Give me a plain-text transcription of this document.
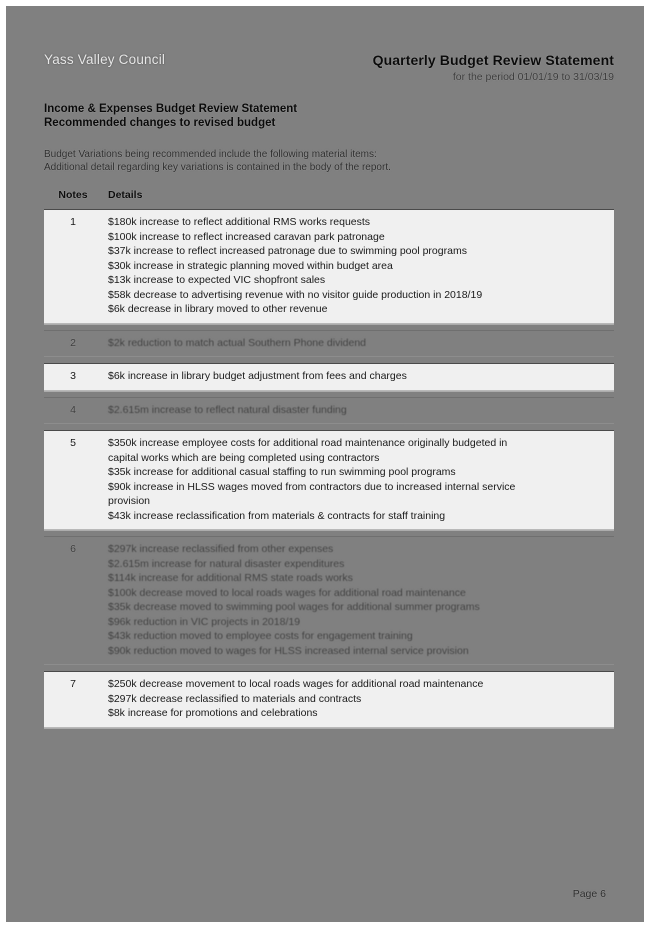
Yass Valley Council	Quarterly Budget Review Statement
for the period 01/01/19 to 31/03/19
Income & Expenses Budget Review Statement
Recommended changes to revised budget
Budget Variations being recommended include the following material items:
Additional detail regarding key variations is contained in the body of the report.
Notes	Details
1	$180k increase to reflect additional RMS works requests
$100k increase to reflect increased caravan park patronage
$37k increase to reflect increased patronage due to swimming pool programs
$30k increase in strategic planning moved within budget area
$13k increase to expected VIC shopfront sales
$58k decrease to advertising revenue with no visitor guide production in 2018/19
$6k decrease in library moved to other revenue
2	$2k reduction to match actual Southern Phone dividend
3	$6k increase in library budget adjustment from fees and charges
4	$2.615m increase to reflect natural disaster funding
5	$350k increase employee costs for additional road maintenance originally budgeted in
capital works which are being completed using contractors
$35k increase for additional casual staffing to run swimming pool programs
$90k increase in HLSS wages moved from contractors due to increased internal service
provision
$43k increase reclassification from materials & contracts for staff training
6	$297k increase reclassified from other expenses
$2.615m increase for natural disaster expenditures
$114k increase for additional RMS state roads works
$100k decrease moved to local roads wages for additional road maintenance
$35k decrease moved to swimming pool wages for additional summer programs
$96k reduction in VIC projects in 2018/19
$43k reduction moved to employee costs for engagement training
$90k reduction moved to wages for HLSS increased internal service provision
7	$250k decrease movement to local roads wages for additional road maintenance
$297k decrease reclassified to materials and contracts
$8k increase for promotions and celebrations
Page 6
